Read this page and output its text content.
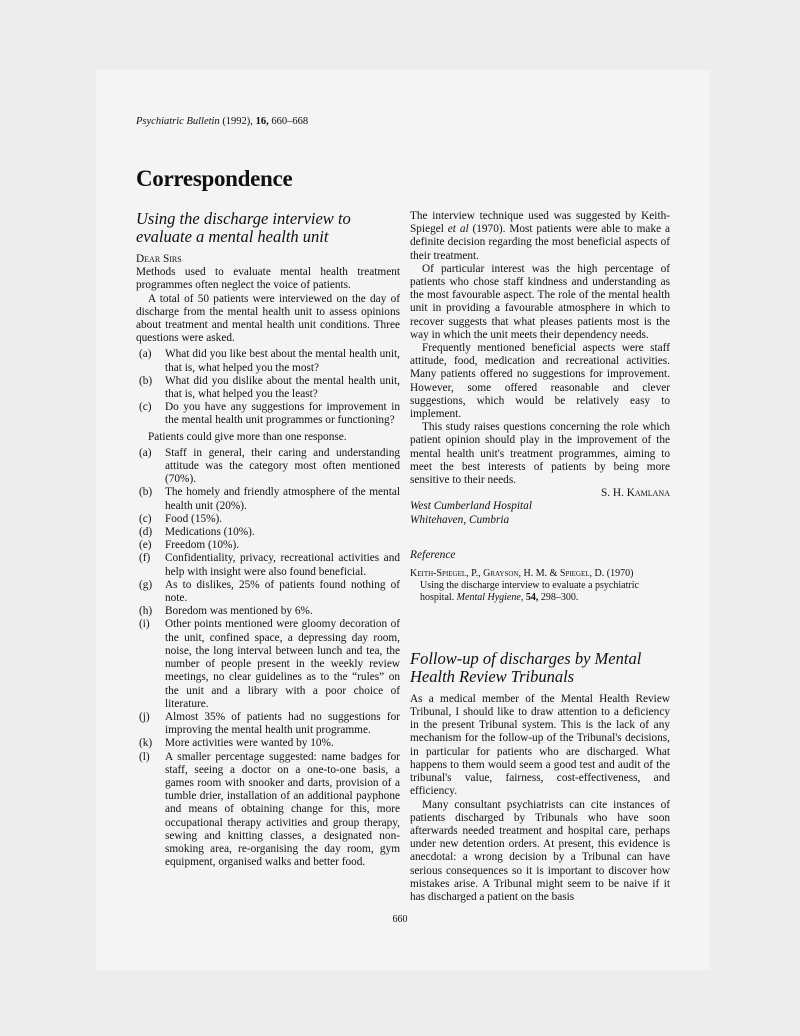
Psychiatric Bulletin (1992), 16, 660–668
Correspondence
Using the discharge interview to evaluate a mental health unit
Dear Sirs

Methods used to evaluate mental health treatment programmes often neglect the voice of patients.

A total of 50 patients were interviewed on the day of discharge from the mental health unit to assess opinions about treatment and mental health unit conditions. Three questions were asked.

(a) What did you like best about the mental health unit, that is, what helped you the most?
(b) What did you dislike about the mental health unit, that is, what helped you the least?
(c) Do you have any suggestions for improvement in the mental health unit programmes or functioning?

Patients could give more than one response.

(a) Staff in general, their caring and understanding attitude was the category most often mentioned (70%).
(b) The homely and friendly atmosphere of the mental health unit (20%).
(c) Food (15%).
(d) Medications (10%).
(e) Freedom (10%).
(f) Confidentiality, privacy, recreational activities and help with insight were also found beneficial.
(g) As to dislikes, 25% of patients found nothing of note.
(h) Boredom was mentioned by 6%.
(i) Other points mentioned were gloomy decoration of the unit, confined space, a depressing day room, noise, the long interval between lunch and tea, the number of people present in the weekly review meetings, no clear guidelines as to the “rules” on the unit and a library with a poor choice of literature.
(j) Almost 35% of patients had no suggestions for improving the mental health unit programme.
(k) More activities were wanted by 10%.
(l) A smaller percentage suggested: name badges for staff, seeing a doctor on a one-to-one basis, a games room with snooker and darts, provision of a tumble drier, installation of an additional payphone and means of obtaining change for this, more occupational therapy activities and group therapy, sewing and knitting classes, a designated non-smoking area, re-organising the day room, gym equipment, organised walks and better food.

The interview technique used was suggested by Keith-Spiegel et al (1970). Most patients were able to make a definite decision regarding the most beneficial aspects of their treatment.

Of particular interest was the high percentage of patients who chose staff kindness and understanding as the most favourable aspect. The role of the mental health unit in providing a favourable atmosphere in which to recover suggests that what pleases patients most is the way in which the unit meets their dependency needs.

Frequently mentioned beneficial aspects were staff attitude, food, medication and recreational activities. Many patients offered no suggestions for improvement. However, some offered reasonable and clever suggestions, which would be relatively easy to implement.

This study raises questions concerning the role which patient opinion should play in the improvement of the mental health unit's treatment programmes, aiming to meet the best interests of patients by being more sensitive to their needs.

S. H. Kamlana
West Cumberland Hospital
Whitehaven, Cumbria
Reference
Keith-Spiegel, P., Grayson, H. M. & Spiegel, D. (1970)
Using the discharge interview to evaluate a psychiatric hospital. Mental Hygiene, 54, 298–300.
Follow-up of discharges by Mental Health Review Tribunals

As a medical member of the Mental Health Review Tribunal, I should like to draw attention to a deficiency in the present Tribunal system. This is the lack of any mechanism for the follow-up of the Tribunal's decisions, in particular for patients who are discharged. What happens to them would seem a good test and audit of the tribunal's value, fairness, cost-effectiveness, and efficiency.

Many consultant psychiatrists can cite instances of patients discharged by Tribunals who have soon afterwards needed treatment and hospital care, perhaps under new detention orders. At present, this evidence is anecdotal: a wrong decision by a Tribunal can have serious consequences so it is important to discover how mistakes arise. A Tribunal might seem to be naive if it has discharged a patient on the basis

660
